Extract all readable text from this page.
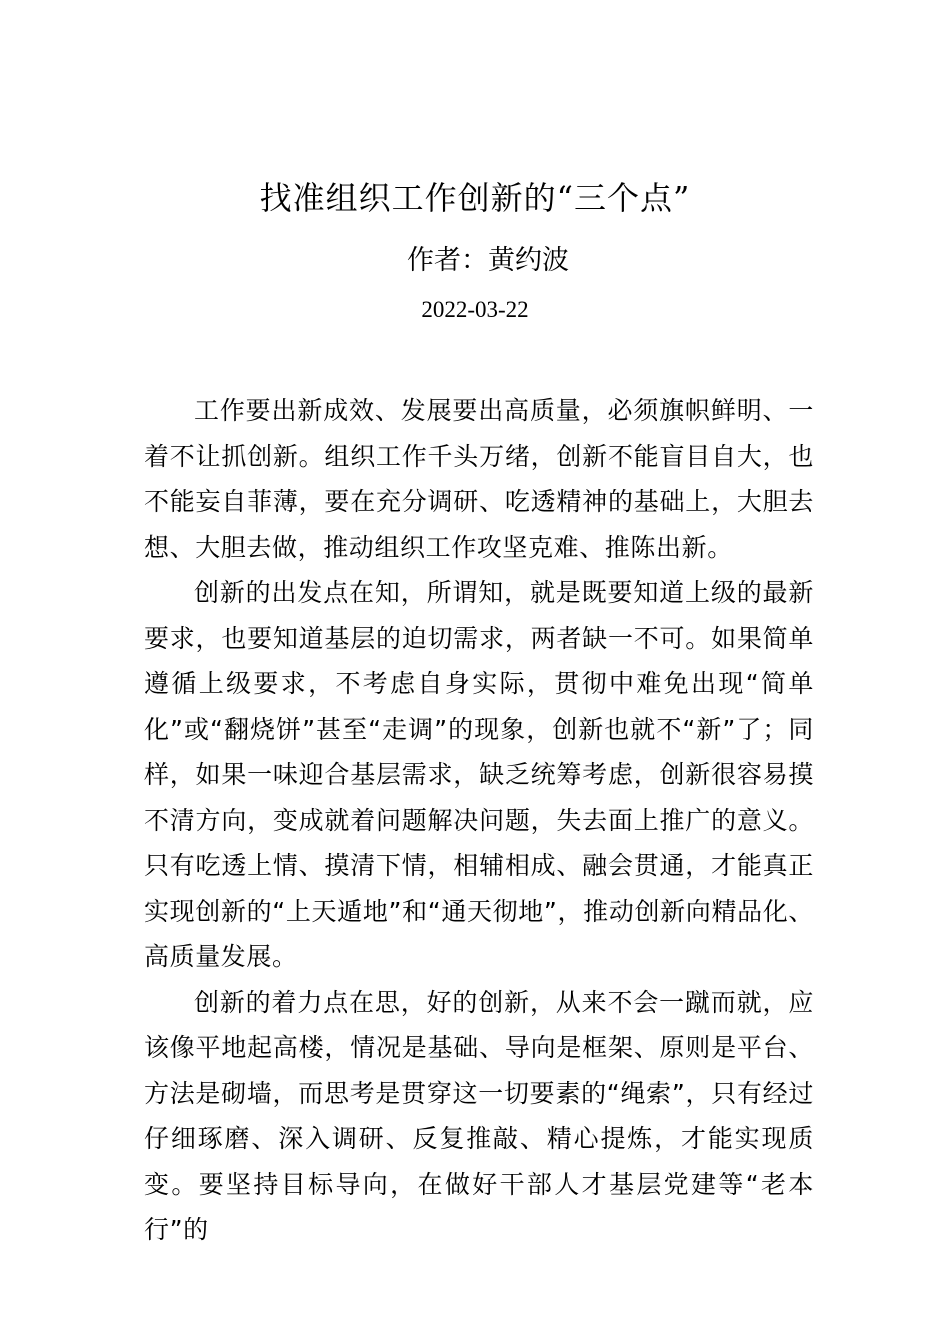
找准组织工作创新的“三个点”
作者：黄约波
2022-03-22

工作要出新成效、发展要出高质量，必须旗帜鲜明、一着不让抓创新。组织工作千头万绪，创新不能盲目自大，也不能妄自菲薄，要在充分调研、吃透精神的基础上，大胆去想、大胆去做，推动组织工作攻坚克难、推陈出新。

创新的出发点在知，所谓知，就是既要知道上级的最新要求，也要知道基层的迫切需求，两者缺一不可。如果简单遵循上级要求，不考虑自身实际，贯彻中难免出现“简单化”或“翻烧饼”甚至“走调”的现象，创新也就不“新”了；同样，如果一味迎合基层需求，缺乏统筹考虑，创新很容易摸不清方向，变成就着问题解决问题，失去面上推广的意义。只有吃透上情、摸清下情，相辅相成、融会贯通，才能真正实现创新的“上天遁地”和“通天彻地”，推动创新向精品化、高质量发展。

创新的着力点在思，好的创新，从来不会一蹴而就，应该像平地起高楼，情况是基础、导向是框架、原则是平台、方法是砌墙，而思考是贯穿这一切要素的“绳索”，只有经过仔细琢磨、深入调研、反复推敲、精心提炼，才能实现质变。要坚持目标导向，在做好干部人才基层党建等“老本行”的
